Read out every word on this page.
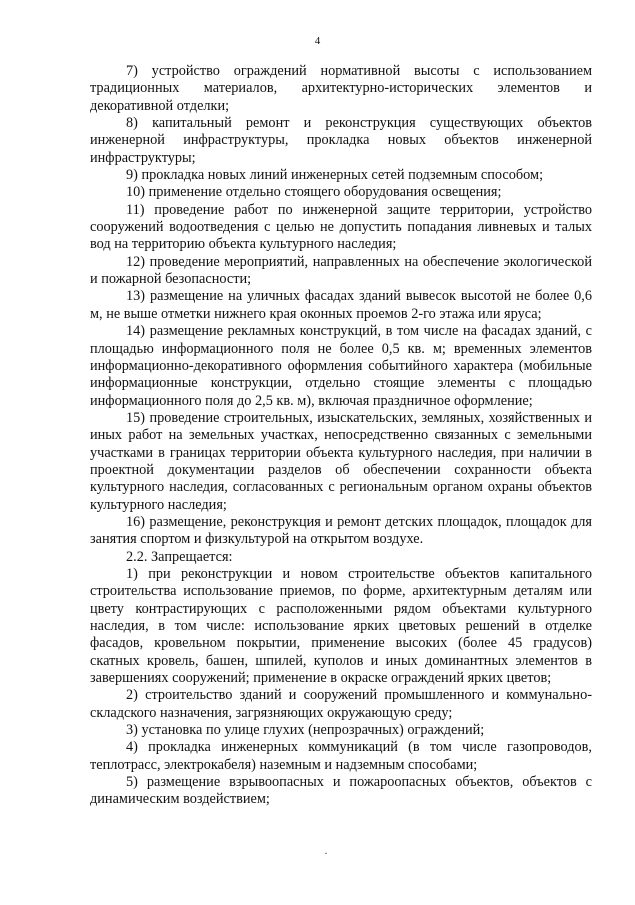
4

7) устройство ограждений нормативной высоты с использованием традиционных материалов, архитектурно-исторических элементов и декоративной отделки;

8) капитальный ремонт и реконструкция существующих объектов инженерной инфраструктуры, прокладка новых объектов инженерной инфраструктуры;

9) прокладка новых линий инженерных сетей подземным способом;

10) применение отдельно стоящего оборудования освещения;

11) проведение работ по инженерной защите территории, устройство сооружений водоотведения с целью не допустить попадания ливневых и талых вод на территорию объекта культурного наследия;

12) проведение мероприятий, направленных на обеспечение экологической и пожарной безопасности;

13) размещение на уличных фасадах зданий вывесок высотой не более 0,6 м, не выше отметки нижнего края оконных проемов 2-го этажа или яруса;

14) размещение рекламных конструкций, в том числе на фасадах зданий, с площадью информационного поля не более 0,5 кв. м; временных элементов информационно-декоративного оформления событийного характера (мобильные информационные конструкции, отдельно стоящие элементы с площадью информационного поля до 2,5 кв. м), включая праздничное оформление;

15) проведение строительных, изыскательских, земляных, хозяйственных и иных работ на земельных участках, непосредственно связанных с земельными участками в границах территории объекта культурного наследия, при наличии в проектной документации разделов об обеспечении сохранности объекта культурного наследия, согласованных с региональным органом охраны объектов культурного наследия;

16) размещение, реконструкция и ремонт детских площадок, площадок для занятия спортом и физкультурой на открытом воздухе.

2.2. Запрещается:

1) при реконструкции и новом строительстве объектов капитального строительства использование приемов, по форме, архитектурным деталям или цвету контрастирующих с расположенными рядом объектами культурного наследия, в том числе: использование ярких цветовых решений в отделке фасадов, кровельном покрытии, применение высоких (более 45 градусов) скатных кровель, башен, шпилей, куполов и иных доминантных элементов в завершениях сооружений; применение в окраске ограждений ярких цветов;

2) строительство зданий и сооружений промышленного и коммунально-складского назначения, загрязняющих окружающую среду;

3) установка по улице глухих (непрозрачных) ограждений;

4) прокладка инженерных коммуникаций (в том числе газопроводов, теплотрасс, электрокабеля) наземным и надземным способами;

5) размещение взрывоопасных и пожароопасных объектов, объектов с динамическим воздействием;

·
